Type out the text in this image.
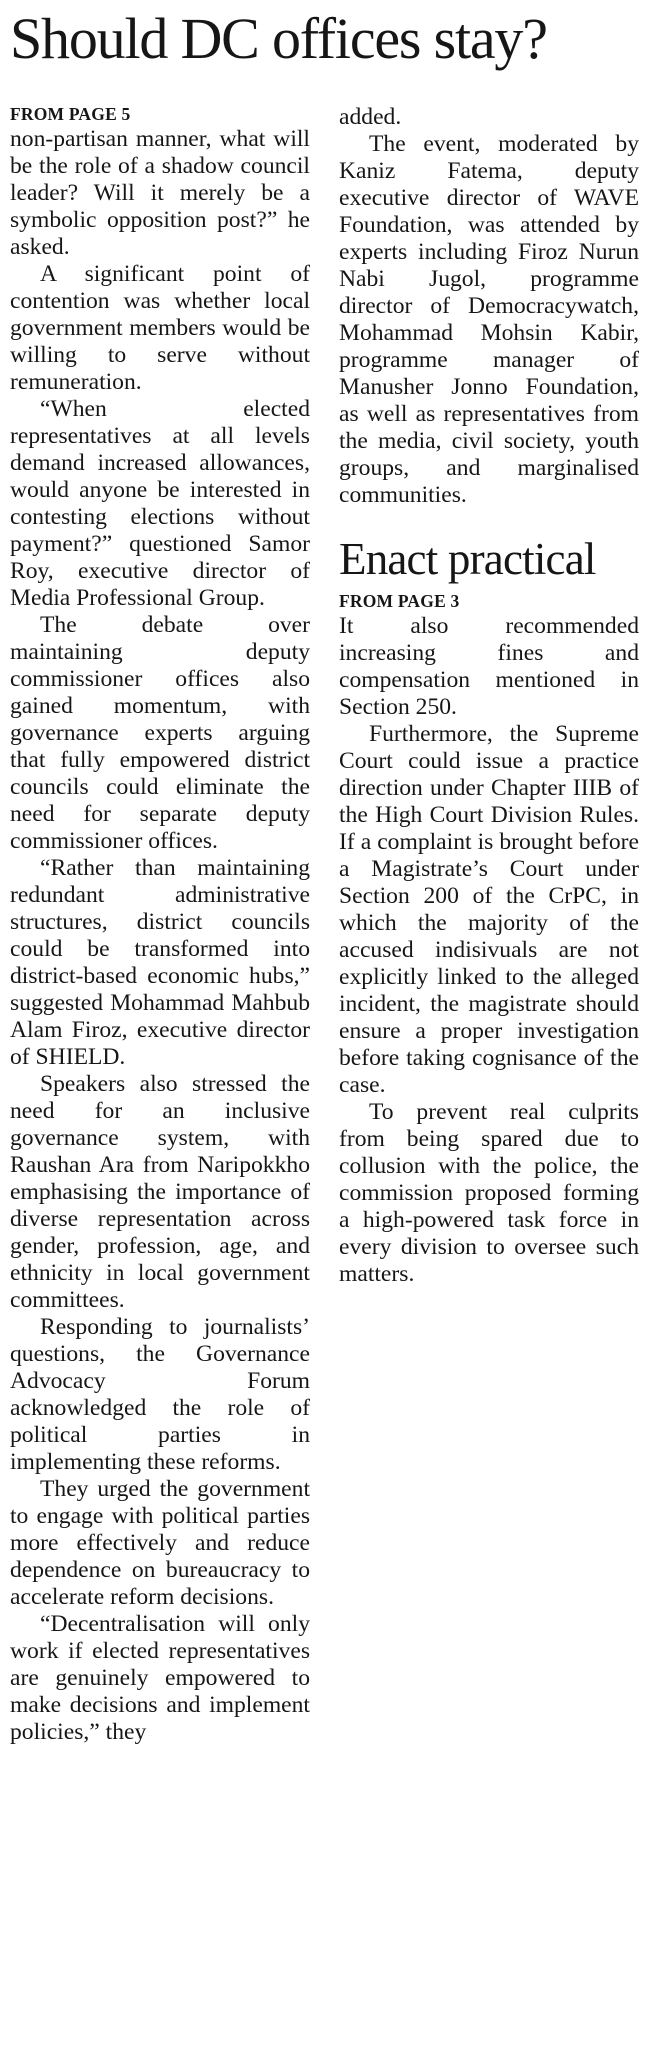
Should DC offices stay?
FROM PAGE 5

non-partisan manner, what will be the role of a shadow council leader? Will it merely be a symbolic opposition post?” he asked.

A significant point of contention was whether local government members would be willing to serve without remuneration.

“When elected representatives at all levels demand increased allowances, would anyone be interested in contesting elections without payment?” questioned Samor Roy, executive director of Media Professional Group.

The debate over maintaining deputy commissioner offices also gained momentum, with governance experts arguing that fully empowered district councils could eliminate the need for separate deputy commissioner offices.

“Rather than maintaining redundant administrative structures, district councils could be transformed into district-based economic hubs,” suggested Mohammad Mahbub Alam Firoz, executive director of SHIELD.

Speakers also stressed the need for an inclusive governance system, with Raushan Ara from Naripokkho emphasising the importance of diverse representation across gender, profession, age, and ethnicity in local government committees.

Responding to journalists’ questions, the Governance Advocacy Forum acknowledged the role of political parties in implementing these reforms.

They urged the government to engage with political parties more effectively and reduce dependence on bureaucracy to accelerate reform decisions.

“Decentralisation will only work if elected representatives are genuinely empowered to make decisions and implement policies,” they

added.

The event, moderated by Kaniz Fatema, deputy executive director of WAVE Foundation, was attended by experts including Firoz Nurun Nabi Jugol, programme director of Democracywatch, Mohammad Mohsin Kabir, programme manager of Manusher Jonno Foundation, as well as representatives from the media, civil society, youth groups, and marginalised communities.

Enact practical
FROM PAGE 3

It also recommended increasing fines and compensation mentioned in Section 250.

Furthermore, the Supreme Court could issue a practice direction under Chapter IIIB of the High Court Division Rules. If a complaint is brought before a Magistrate’s Court under Section 200 of the CrPC, in which the majority of the accused indisivuals are not explicitly linked to the alleged incident, the magistrate should ensure a proper investigation before taking cognisance of the case.

To prevent real culprits from being spared due to collusion with the police, the commission proposed forming a high-powered task force in every division to oversee such matters.
